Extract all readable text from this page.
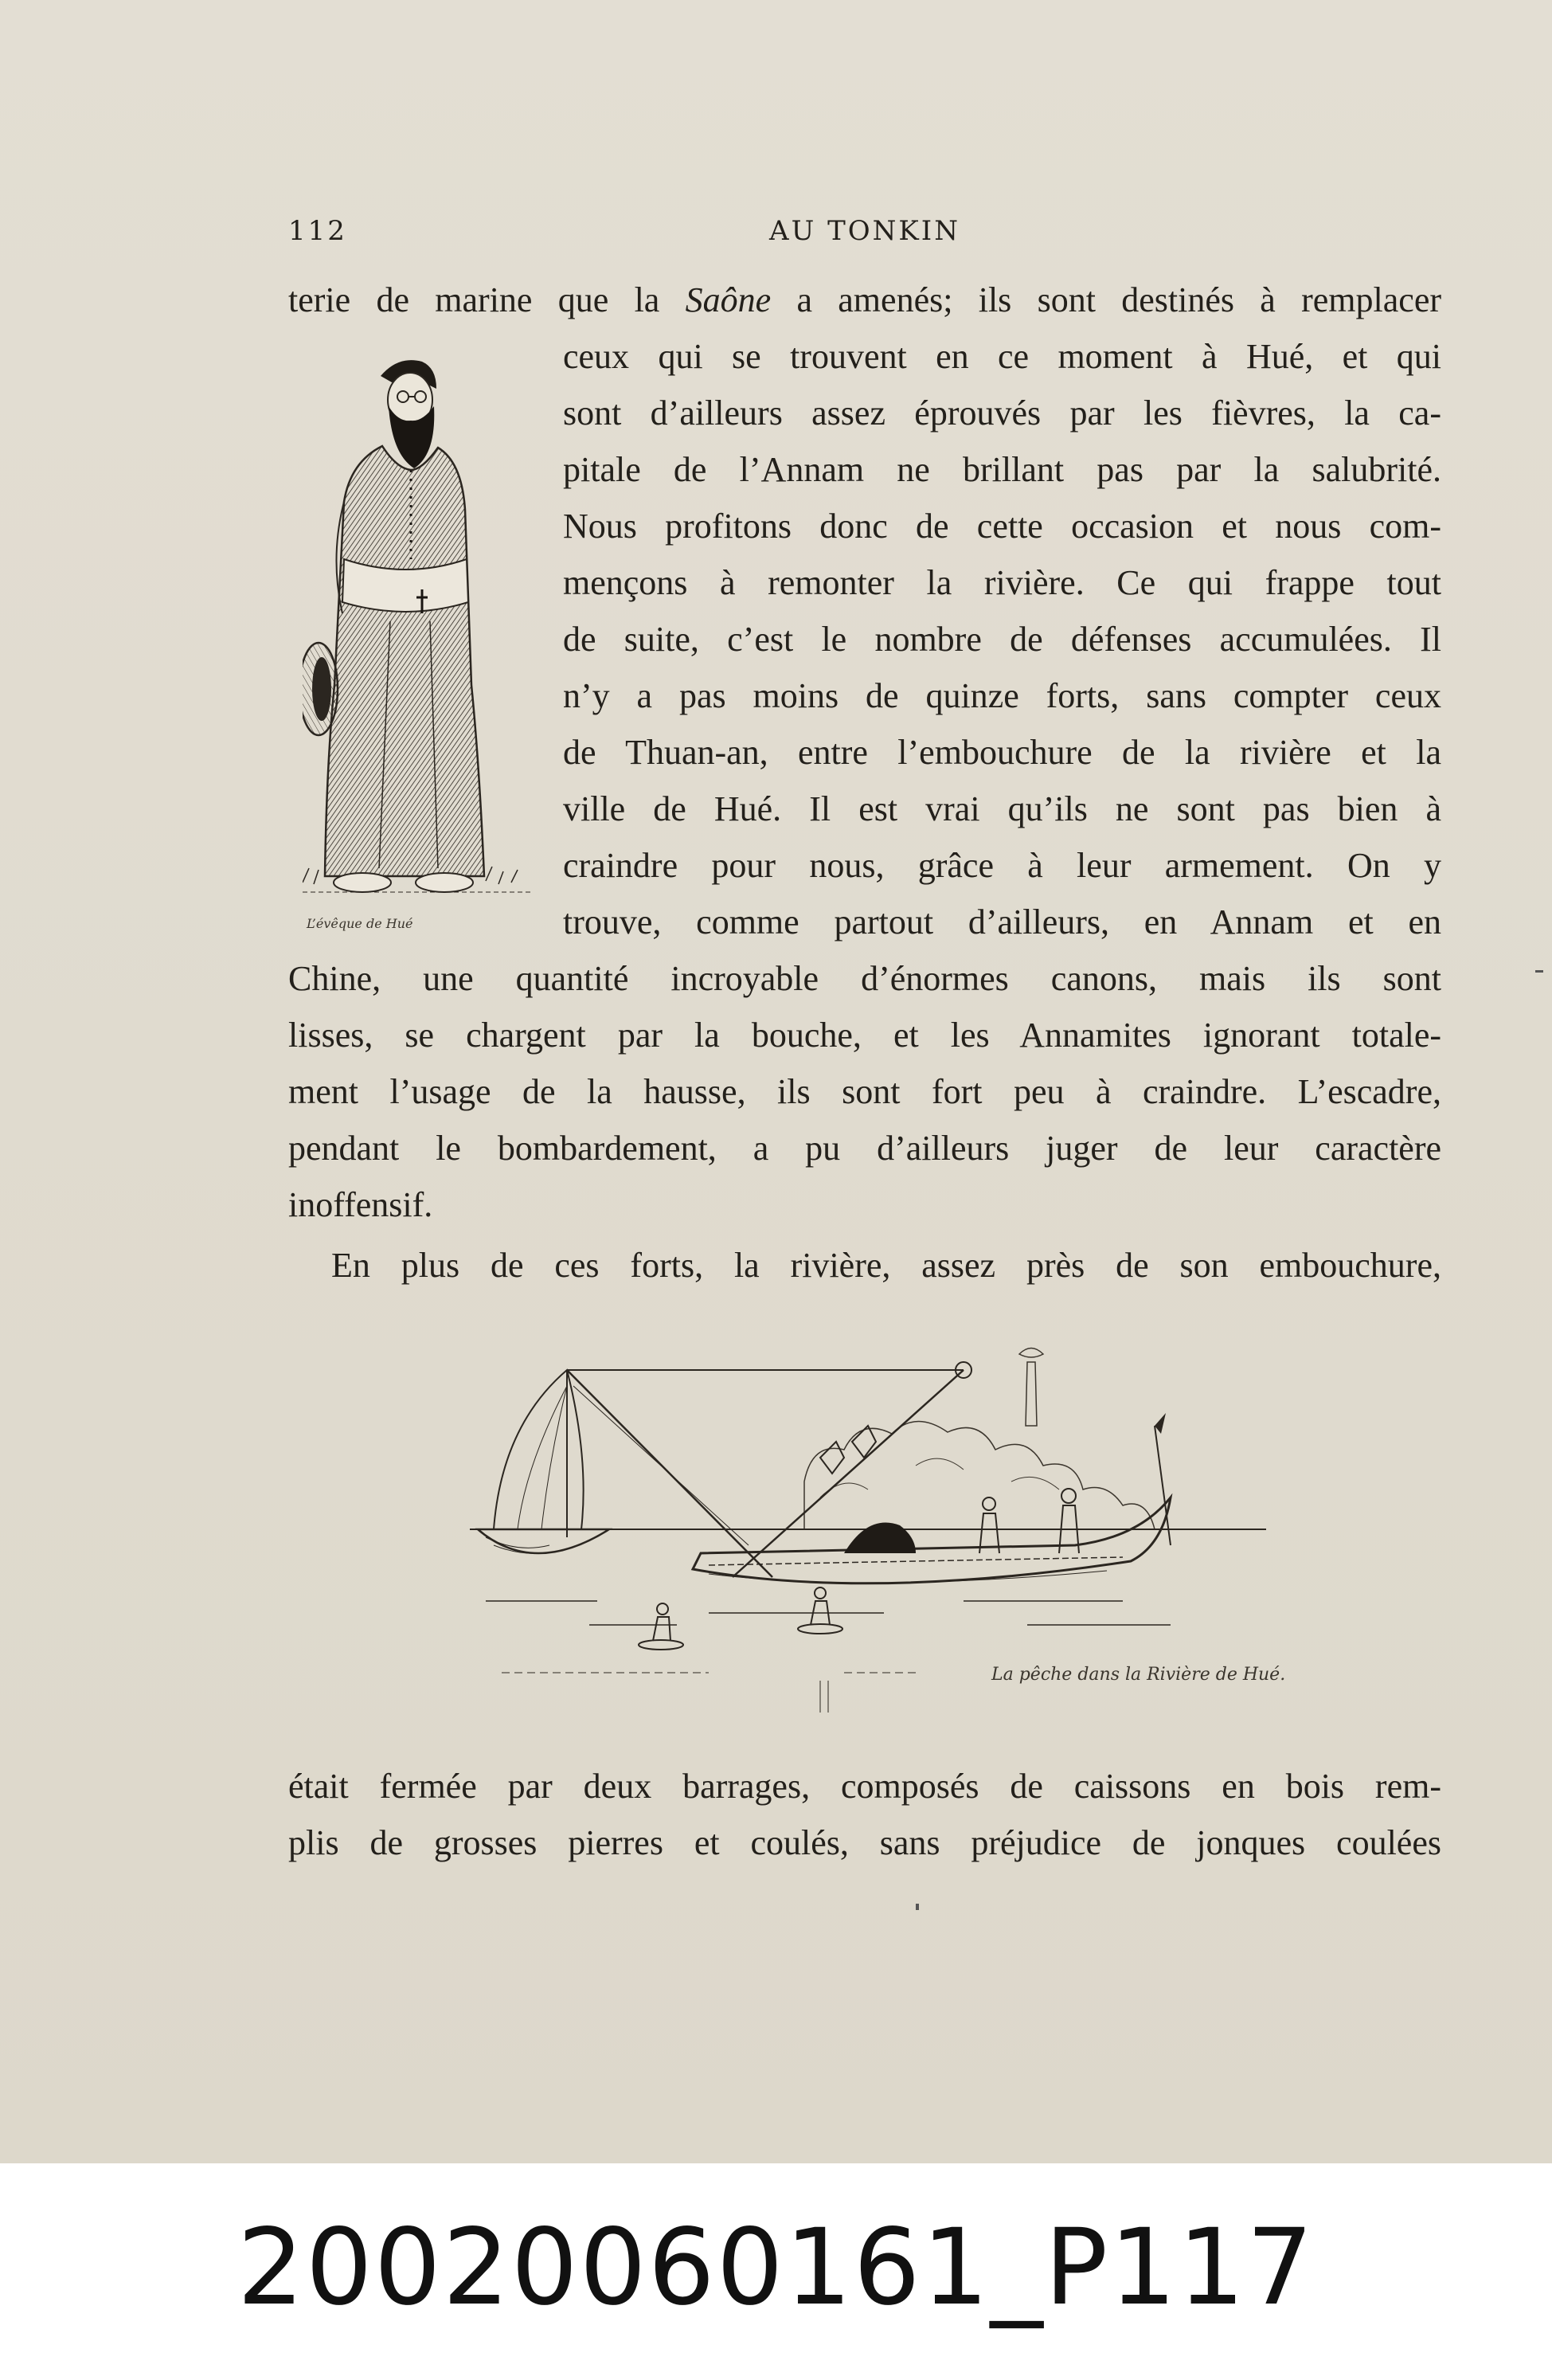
112	AU TONKIN
terie de marine que la Saône a amenés; ils sont destinés à remplacer
ceux qui se trouvent en ce moment à Hué, et qui
sont d’ailleurs assez éprouvés par les fièvres, la ca-
pitale de l’Annam ne brillant pas par la salubrité.
Nous profitons donc de cette occasion et nous com-
mençons à remonter la rivière. Ce qui frappe tout
de suite, c’est le nombre de défenses accumulées. Il
n’y a pas moins de quinze forts, sans compter ceux
de Thuan-an, entre l’embouchure de la rivière et la
ville de Hué. Il est vrai qu’ils ne sont pas bien à
craindre pour nous, grâce à leur armement. On y
trouve, comme partout d’ailleurs, en Annam et en
Chine, une quantité incroyable d’énormes canons, mais ils sont
lisses, se chargent par la bouche, et les Annamites ignorant totale-
ment l’usage de la hausse, ils sont fort peu à craindre. L’escadre,
pendant le bombardement, a pu d’ailleurs juger de leur caractère
inoffensif.
En plus de ces forts, la rivière, assez près de son embouchure,
était fermée par deux barrages, composés de caissons en bois rem-
plis de grosses pierres et coulés, sans préjudice de jonques coulées
L’évêque de Hué
La pêche dans la Rivière de Hué.
20020060161_P117
